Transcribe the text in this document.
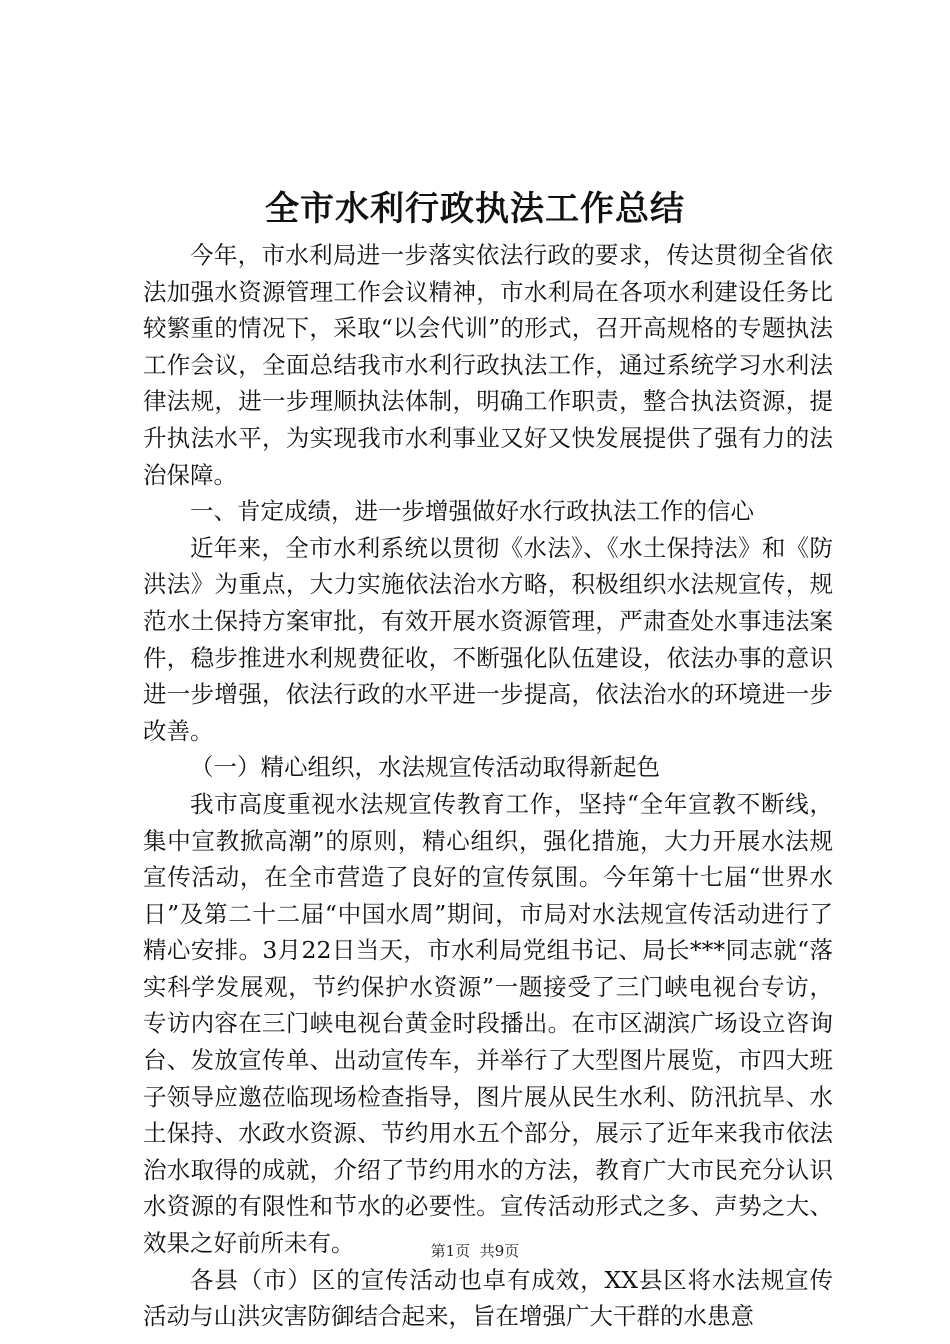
全市水利行政执法工作总结

今年，市水利局进一步落实依法行政的要求，传达贯彻全省依法加强水资源管理工作会议精神，市水利局在各项水利建设任务比较繁重的情况下，采取“以会代训”的形式，召开高规格的专题执法工作会议，全面总结我市水利行政执法工作，通过系统学习水利法律法规，进一步理顺执法体制，明确工作职责，整合执法资源，提升执法水平，为实现我市水利事业又好又快发展提供了强有力的法治保障。

一、肯定成绩，进一步增强做好水行政执法工作的信心

近年来，全市水利系统以贯彻《水法》、《水土保持法》和《防洪法》为重点，大力实施依法治水方略，积极组织水法规宣传，规范水土保持方案审批，有效开展水资源管理，严肃查处水事违法案件，稳步推进水利规费征收，不断强化队伍建设，依法办事的意识进一步增强，依法行政的水平进一步提高，依法治水的环境进一步改善。

（一）精心组织，水法规宣传活动取得新起色

我市高度重视水法规宣传教育工作，坚持“全年宣教不断线，集中宣教掀高潮”的原则，精心组织，强化措施，大力开展水法规宣传活动，在全市营造了良好的宣传氛围。今年第十七届“世界水日”及第二十二届“中国水周”期间，市局对水法规宣传活动进行了精心安排。3月22日当天，市水利局党组书记、局长***同志就“落实科学发展观，节约保护水资源”一题接受了三门峡电视台专访，专访内容在三门峡电视台黄金时段播出。在市区湖滨广场设立咨询台、发放宣传单、出动宣传车，并举行了大型图片展览，市四大班子领导应邀莅临现场检查指导，图片展从民生水利、防汛抗旱、水土保持、水政水资源、节约用水五个部分，展示了近年来我市依法治水取得的成就，介绍了节约用水的方法，教育广大市民充分认识水资源的有限性和节水的必要性。宣传活动形式之多、声势之大、效果之好前所未有。

各县（市）区的宣传活动也卓有成效，XX县区将水法规宣传活动与山洪灾害防御结合起来，旨在增强广大干群的水患意

第1页 共9页
